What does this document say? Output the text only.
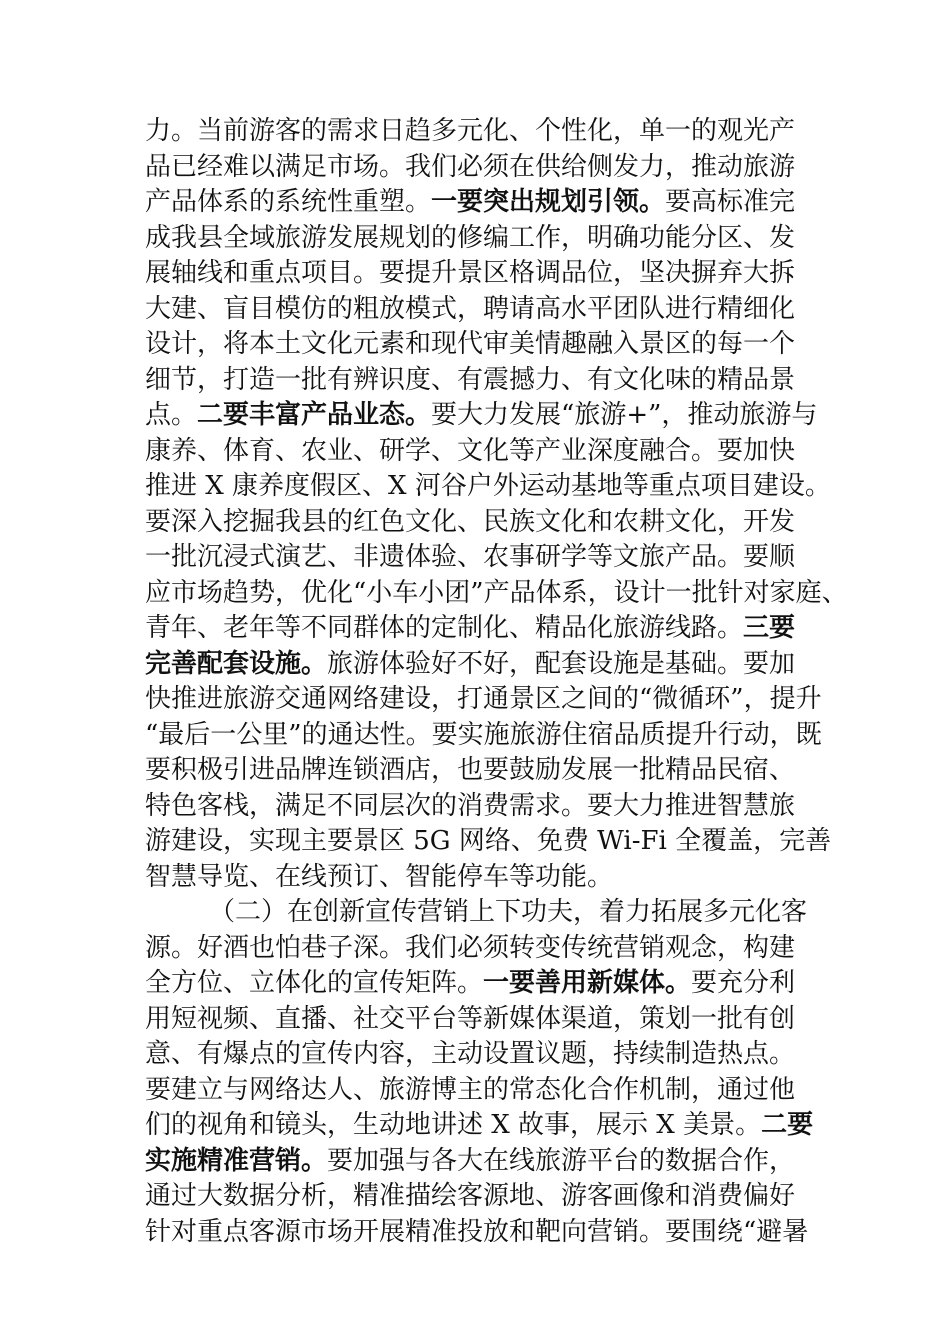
力。当前游客的需求日趋多元化、个性化，单一的观光产
品已经难以满足市场。我们必须在供给侧发力，推动旅游
产品体系的系统性重塑。一要突出规划引领。要高标准完
成我县全域旅游发展规划的修编工作，明确功能分区、发
展轴线和重点项目。要提升景区格调品位，坚决摒弃大拆
大建、盲目模仿的粗放模式，聘请高水平团队进行精细化
设计，将本土文化元素和现代审美情趣融入景区的每一个
细节，打造一批有辨识度、有震撼力、有文化味的精品景
点。二要丰富产品业态。要大力发展“旅游+”，推动旅游与
康养、体育、农业、研学、文化等产业深度融合。要加快
推进 X 康养度假区、X 河谷户外运动基地等重点项目建设。
要深入挖掘我县的红色文化、民族文化和农耕文化，开发
一批沉浸式演艺、非遗体验、农事研学等文旅产品。要顺
应市场趋势，优化“小车小团”产品体系，设计一批针对家庭、
青年、老年等不同群体的定制化、精品化旅游线路。三要
完善配套设施。旅游体验好不好，配套设施是基础。要加
快推进旅游交通网络建设，打通景区之间的“微循环”，提升
“最后一公里”的通达性。要实施旅游住宿品质提升行动，既
要积极引进品牌连锁酒店，也要鼓励发展一批精品民宿、
特色客栈，满足不同层次的消费需求。要大力推进智慧旅
游建设，实现主要景区 5G 网络、免费 Wi-Fi 全覆盖，完善
智慧导览、在线预订、智能停车等功能。
（二）在创新宣传营销上下功夫，着力拓展多元化客
源。好酒也怕巷子深。我们必须转变传统营销观念，构建
全方位、立体化的宣传矩阵。一要善用新媒体。要充分利
用短视频、直播、社交平台等新媒体渠道，策划一批有创
意、有爆点的宣传内容，主动设置议题，持续制造热点。
要建立与网络达人、旅游博主的常态化合作机制，通过他
们的视角和镜头，生动地讲述 X 故事，展示 X 美景。二要
实施精准营销。要加强与各大在线旅游平台的数据合作，
通过大数据分析，精准描绘客源地、游客画像和消费偏好
针对重点客源市场开展精准投放和靶向营销。要围绕“避暑
